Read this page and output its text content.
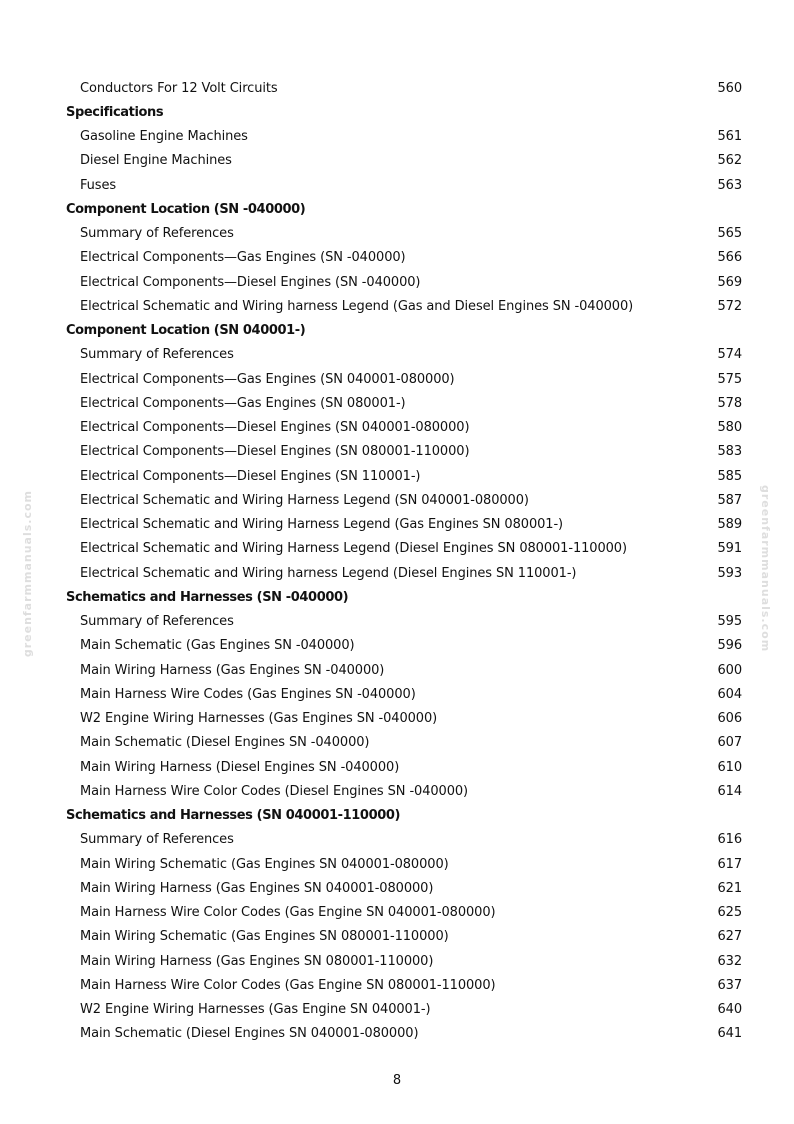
greenfarmmanuals.com	greenfarmmanuals.com
Conductors For 12 Volt Circuits	560
Specifications
Gasoline Engine Machines	561
Diesel Engine Machines	562
Fuses	563
Component Location (SN -040000)
Summary of References	565
Electrical Components—Gas Engines (SN -040000)	566
Electrical Components—Diesel Engines (SN -040000)	569
Electrical Schematic and Wiring harness Legend (Gas and Diesel Engines SN -040000)	572
Component Location (SN 040001-)
Summary of References	574
Electrical Components—Gas Engines (SN 040001-080000)	575
Electrical Components—Gas Engines (SN 080001-)	578
Electrical Components—Diesel Engines (SN 040001-080000)	580
Electrical Components—Diesel Engines (SN 080001-110000)	583
Electrical Components—Diesel Engines (SN 110001-)	585
Electrical Schematic and Wiring Harness Legend (SN 040001-080000)	587
Electrical Schematic and Wiring Harness Legend (Gas Engines SN 080001-)	589
Electrical Schematic and Wiring Harness Legend (Diesel Engines SN 080001-110000)	591
Electrical Schematic and Wiring harness Legend (Diesel Engines SN 110001-)	593
Schematics and Harnesses (SN -040000)
Summary of References	595
Main Schematic (Gas Engines SN -040000)	596
Main Wiring Harness (Gas Engines SN -040000)	600
Main Harness Wire Codes (Gas Engines SN -040000)	604
W2 Engine Wiring Harnesses (Gas Engines SN -040000)	606
Main Schematic (Diesel Engines SN -040000)	607
Main Wiring Harness (Diesel Engines SN -040000)	610
Main Harness Wire Color Codes (Diesel Engines SN -040000)	614
Schematics and Harnesses (SN 040001-110000)
Summary of References	616
Main Wiring Schematic (Gas Engines SN 040001-080000)	617
Main Wiring Harness (Gas Engines SN 040001-080000)	621
Main Harness Wire Color Codes (Gas Engine SN 040001-080000)	625
Main Wiring Schematic (Gas Engines SN 080001-110000)	627
Main Wiring Harness (Gas Engines SN 080001-110000)	632
Main Harness Wire Color Codes (Gas Engine SN 080001-110000)	637
W2 Engine Wiring Harnesses (Gas Engine SN 040001-)	640
Main Schematic (Diesel Engines SN 040001-080000)	641
8
